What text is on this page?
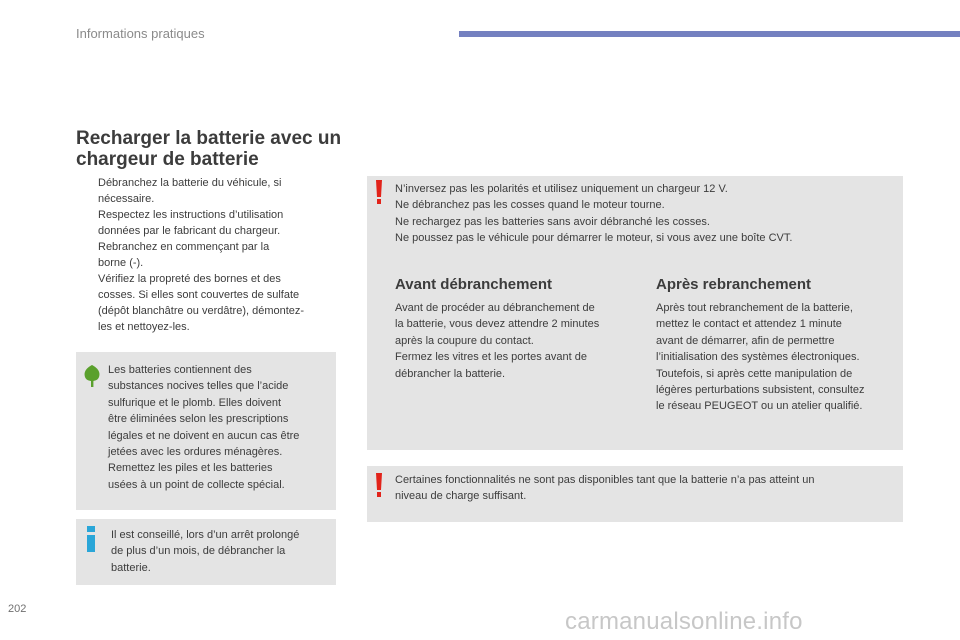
Informations pratiques
Recharger la batterie avec un chargeur de batterie
Débranchez la batterie du véhicule, si
nécessaire.
Respectez les instructions d’utilisation
données par le fabricant du chargeur.
Rebranchez en commençant par la
borne (-).
Vérifiez la propreté des bornes et des
cosses. Si elles sont couvertes de sulfate
(dépôt blanchâtre ou verdâtre), démontez-
les et nettoyez-les.
Les batteries contiennent des
substances nocives telles que l’acide
sulfurique et le plomb. Elles doivent
être éliminées selon les prescriptions
légales et ne doivent en aucun cas être
jetées avec les ordures ménagères.
Remettez les piles et les batteries
usées à un point de collecte spécial.
Il est conseillé, lors d’un arrêt prolongé
de plus d’un mois, de débrancher la
batterie.
N’inversez pas les polarités et utilisez uniquement un chargeur 12 V.
Ne débranchez pas les cosses quand le moteur tourne.
Ne rechargez pas les batteries sans avoir débranché les cosses.
Ne poussez pas le véhicule pour démarrer le moteur, si vous avez une boîte CVT.
Avant débranchement
Avant de procéder au débranchement de
la batterie, vous devez attendre 2 minutes
après la coupure du contact.
Fermez les vitres et les portes avant de
débrancher la batterie.
Après rebranchement
Après tout rebranchement de la batterie,
mettez le contact et attendez 1 minute
avant de démarrer, afin de permettre
l’initialisation des systèmes électroniques.
Toutefois, si après cette manipulation de
légères perturbations subsistent, consultez
le réseau PEUGEOT ou un atelier qualifié.
Certaines fonctionnalités ne sont pas disponibles tant que la batterie n’a pas atteint un
niveau de charge suffisant.
202	carmanualsonline.info
